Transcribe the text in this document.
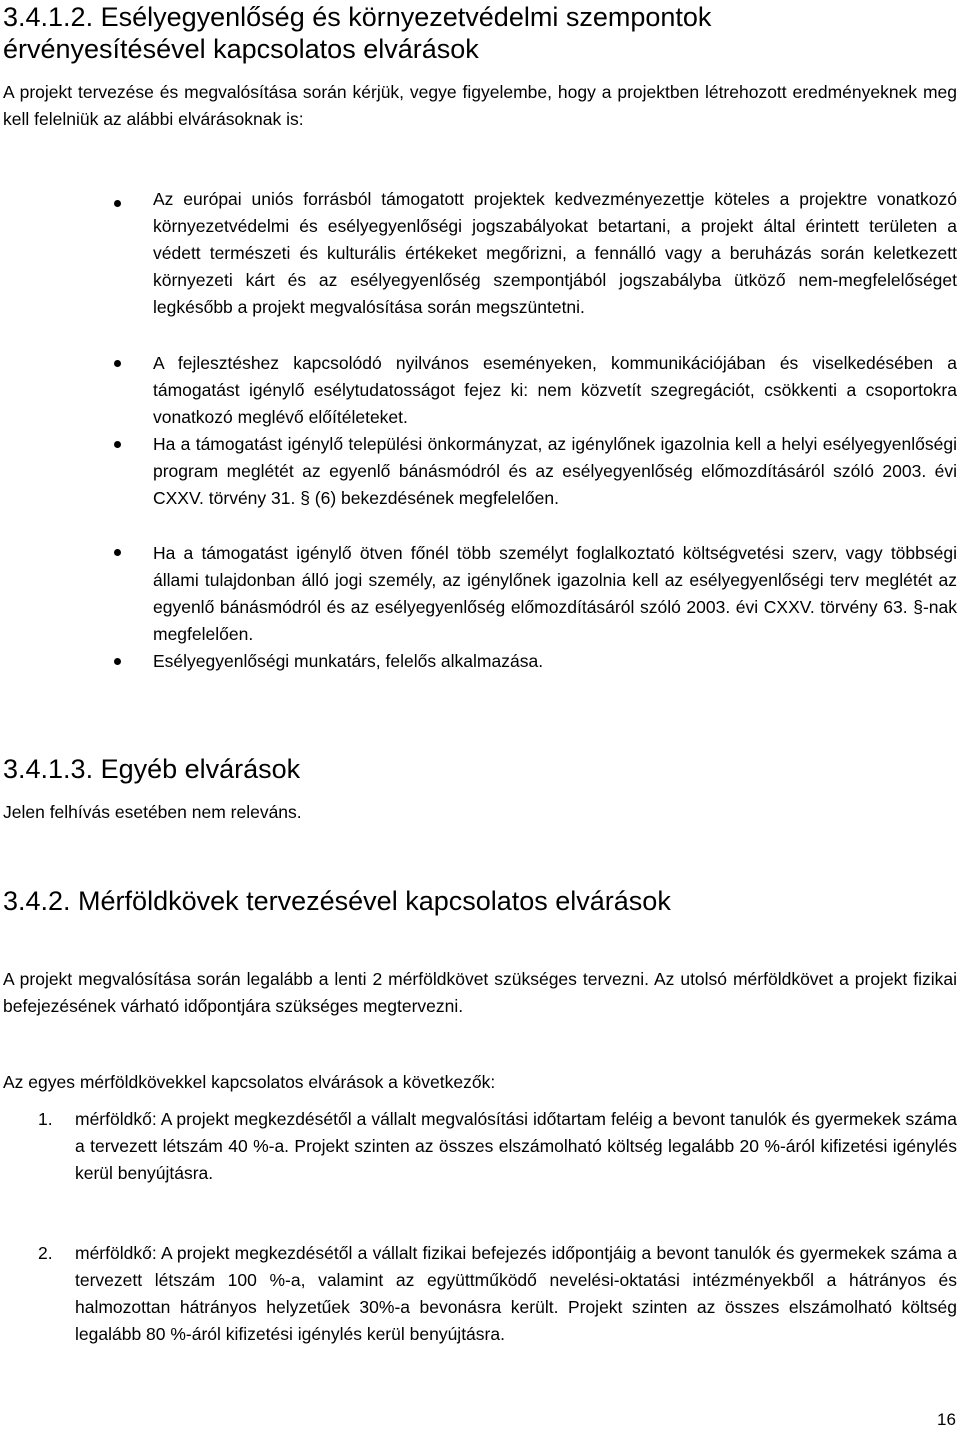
3.4.1.2. Esélyegyenlőség és környezetvédelmi szempontok
érvényesítésével kapcsolatos elvárások

A projekt tervezése és megvalósítása során kérjük, vegye figyelembe, hogy a projektben létrehozott eredményeknek meg kell felelniük az alábbi elvárásoknak is:

Az európai uniós forrásból támogatott projektek kedvezményezettje köteles a projektre vonatkozó környezetvédelmi és esélyegyenlőségi jogszabályokat betartani, a projekt által érintett területen a védett természeti és kulturális értékeket megőrizni, a fennálló vagy a beruházás során keletkezett környezeti kárt és az esélyegyenlőség szempontjából jogszabályba ütköző nem-megfelelőséget legkésőbb a projekt megvalósítása során megszüntetni.

A fejlesztéshez kapcsolódó nyilvános eseményeken, kommunikációjában és viselkedésében a támogatást igénylő esélytudatosságot fejez ki: nem közvetít szegregációt, csökkenti a csoportokra vonatkozó meglévő előítéleteket.

Ha a támogatást igénylő települési önkormányzat, az igénylőnek igazolnia kell a helyi esélyegyenlőségi program meglétét az egyenlő bánásmódról és az esélyegyenlőség előmozdításáról szóló 2003. évi CXXV. törvény 31. § (6) bekezdésének megfelelően.

Ha a támogatást igénylő ötven főnél több személyt foglalkoztató költségvetési szerv, vagy többségi állami tulajdonban álló jogi személy, az igénylőnek igazolnia kell az esélyegyenlőségi terv meglétét az egyenlő bánásmódról és az esélyegyenlőség előmozdításáról szóló 2003. évi CXXV. törvény 63. §-nak megfelelően.

Esélyegyenlőségi munkatárs, felelős alkalmazása.

3.4.1.3. Egyéb elvárások

Jelen felhívás esetében nem releváns.

3.4.2. Mérföldkövek tervezésével kapcsolatos elvárások

A projekt megvalósítása során legalább a lenti 2 mérföldkövet szükséges tervezni. Az utolsó mérföldkövet a projekt fizikai befejezésének várható időpontjára szükséges megtervezni.

Az egyes mérföldkövekkel kapcsolatos elvárások a következők:

1. mérföldkő: A projekt megkezdésétől a vállalt megvalósítási időtartam feléig a bevont tanulók és gyermekek száma a tervezett létszám 40 %-a. Projekt szinten az összes elszámolható költség legalább 20 %-áról kifizetési igénylés kerül benyújtásra.

2. mérföldkő: A projekt megkezdésétől a vállalt fizikai befejezés időpontjáig a bevont tanulók és gyermekek száma a tervezett létszám 100 %-a, valamint az együttműködő nevelési-oktatási intézményekből a hátrányos és halmozottan hátrányos helyzetűek 30%-a bevonásra került. Projekt szinten az összes elszámolható költség legalább 80 %-áról kifizetési igénylés kerül benyújtásra.

16
